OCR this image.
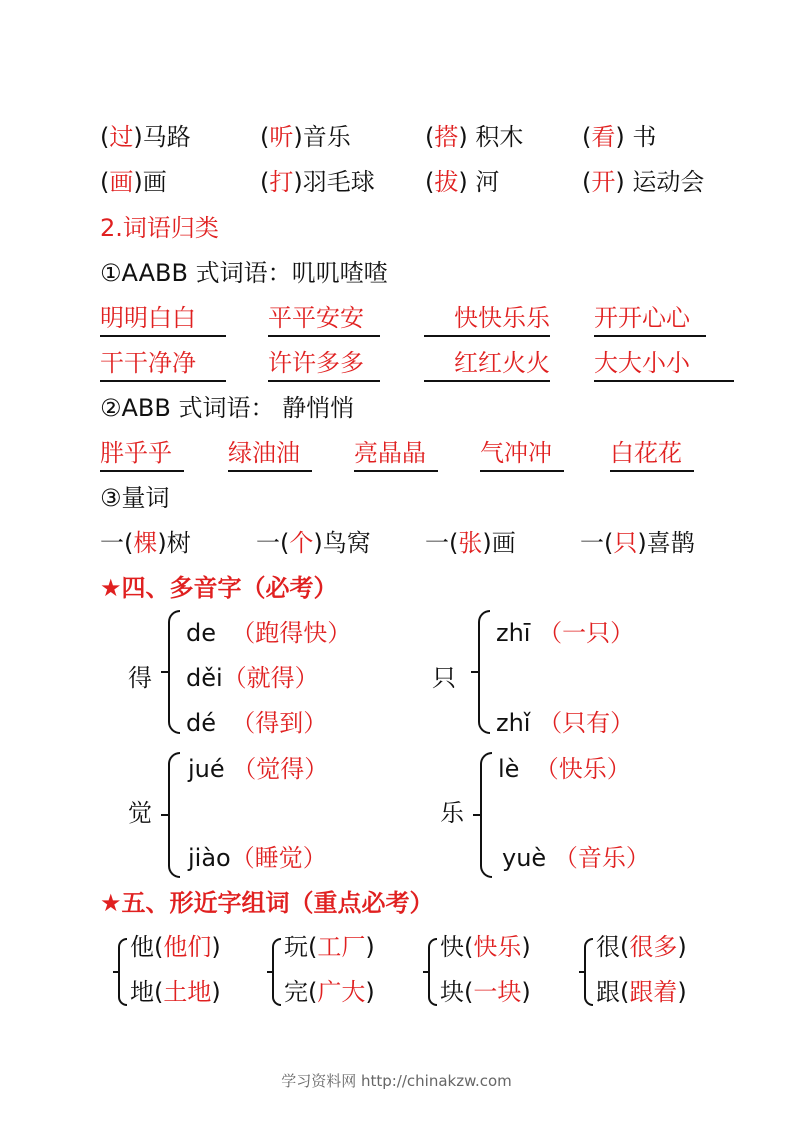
(过)马路	(听)音乐	(搭) 积木 (看) 书
(画)画	(打)羽毛球 (拔) 河	(开) 运动会
2.词语归类
①AABB 式词语：叽叽喳喳
明明白白	平平安安	快快乐乐 开开心心
干干净净	许许多多	红红火火 大大小小
②ABB 式词语： 静悄悄
胖乎乎	绿油油	亮晶晶	气冲冲	白花花
③量词
一(棵)树	一(个)鸟窝 一(张)画	一(只)喜鹊
★四、多音字（必考）
得
de （跑得快）
děi（就得）
dé （得到）
只
zhī （一只）
zhǐ （只有）
觉
jué （觉得）
jiào（睡觉）
乐
lè （快乐）
yuè （音乐）
★五、形近字组词（重点必考）
他(他们)
地(土地)
玩(工厂)
完(广大)
快(快乐)
块(一块)
很(很多)
跟(跟着)
学习资料网 http://chinakzw.com
